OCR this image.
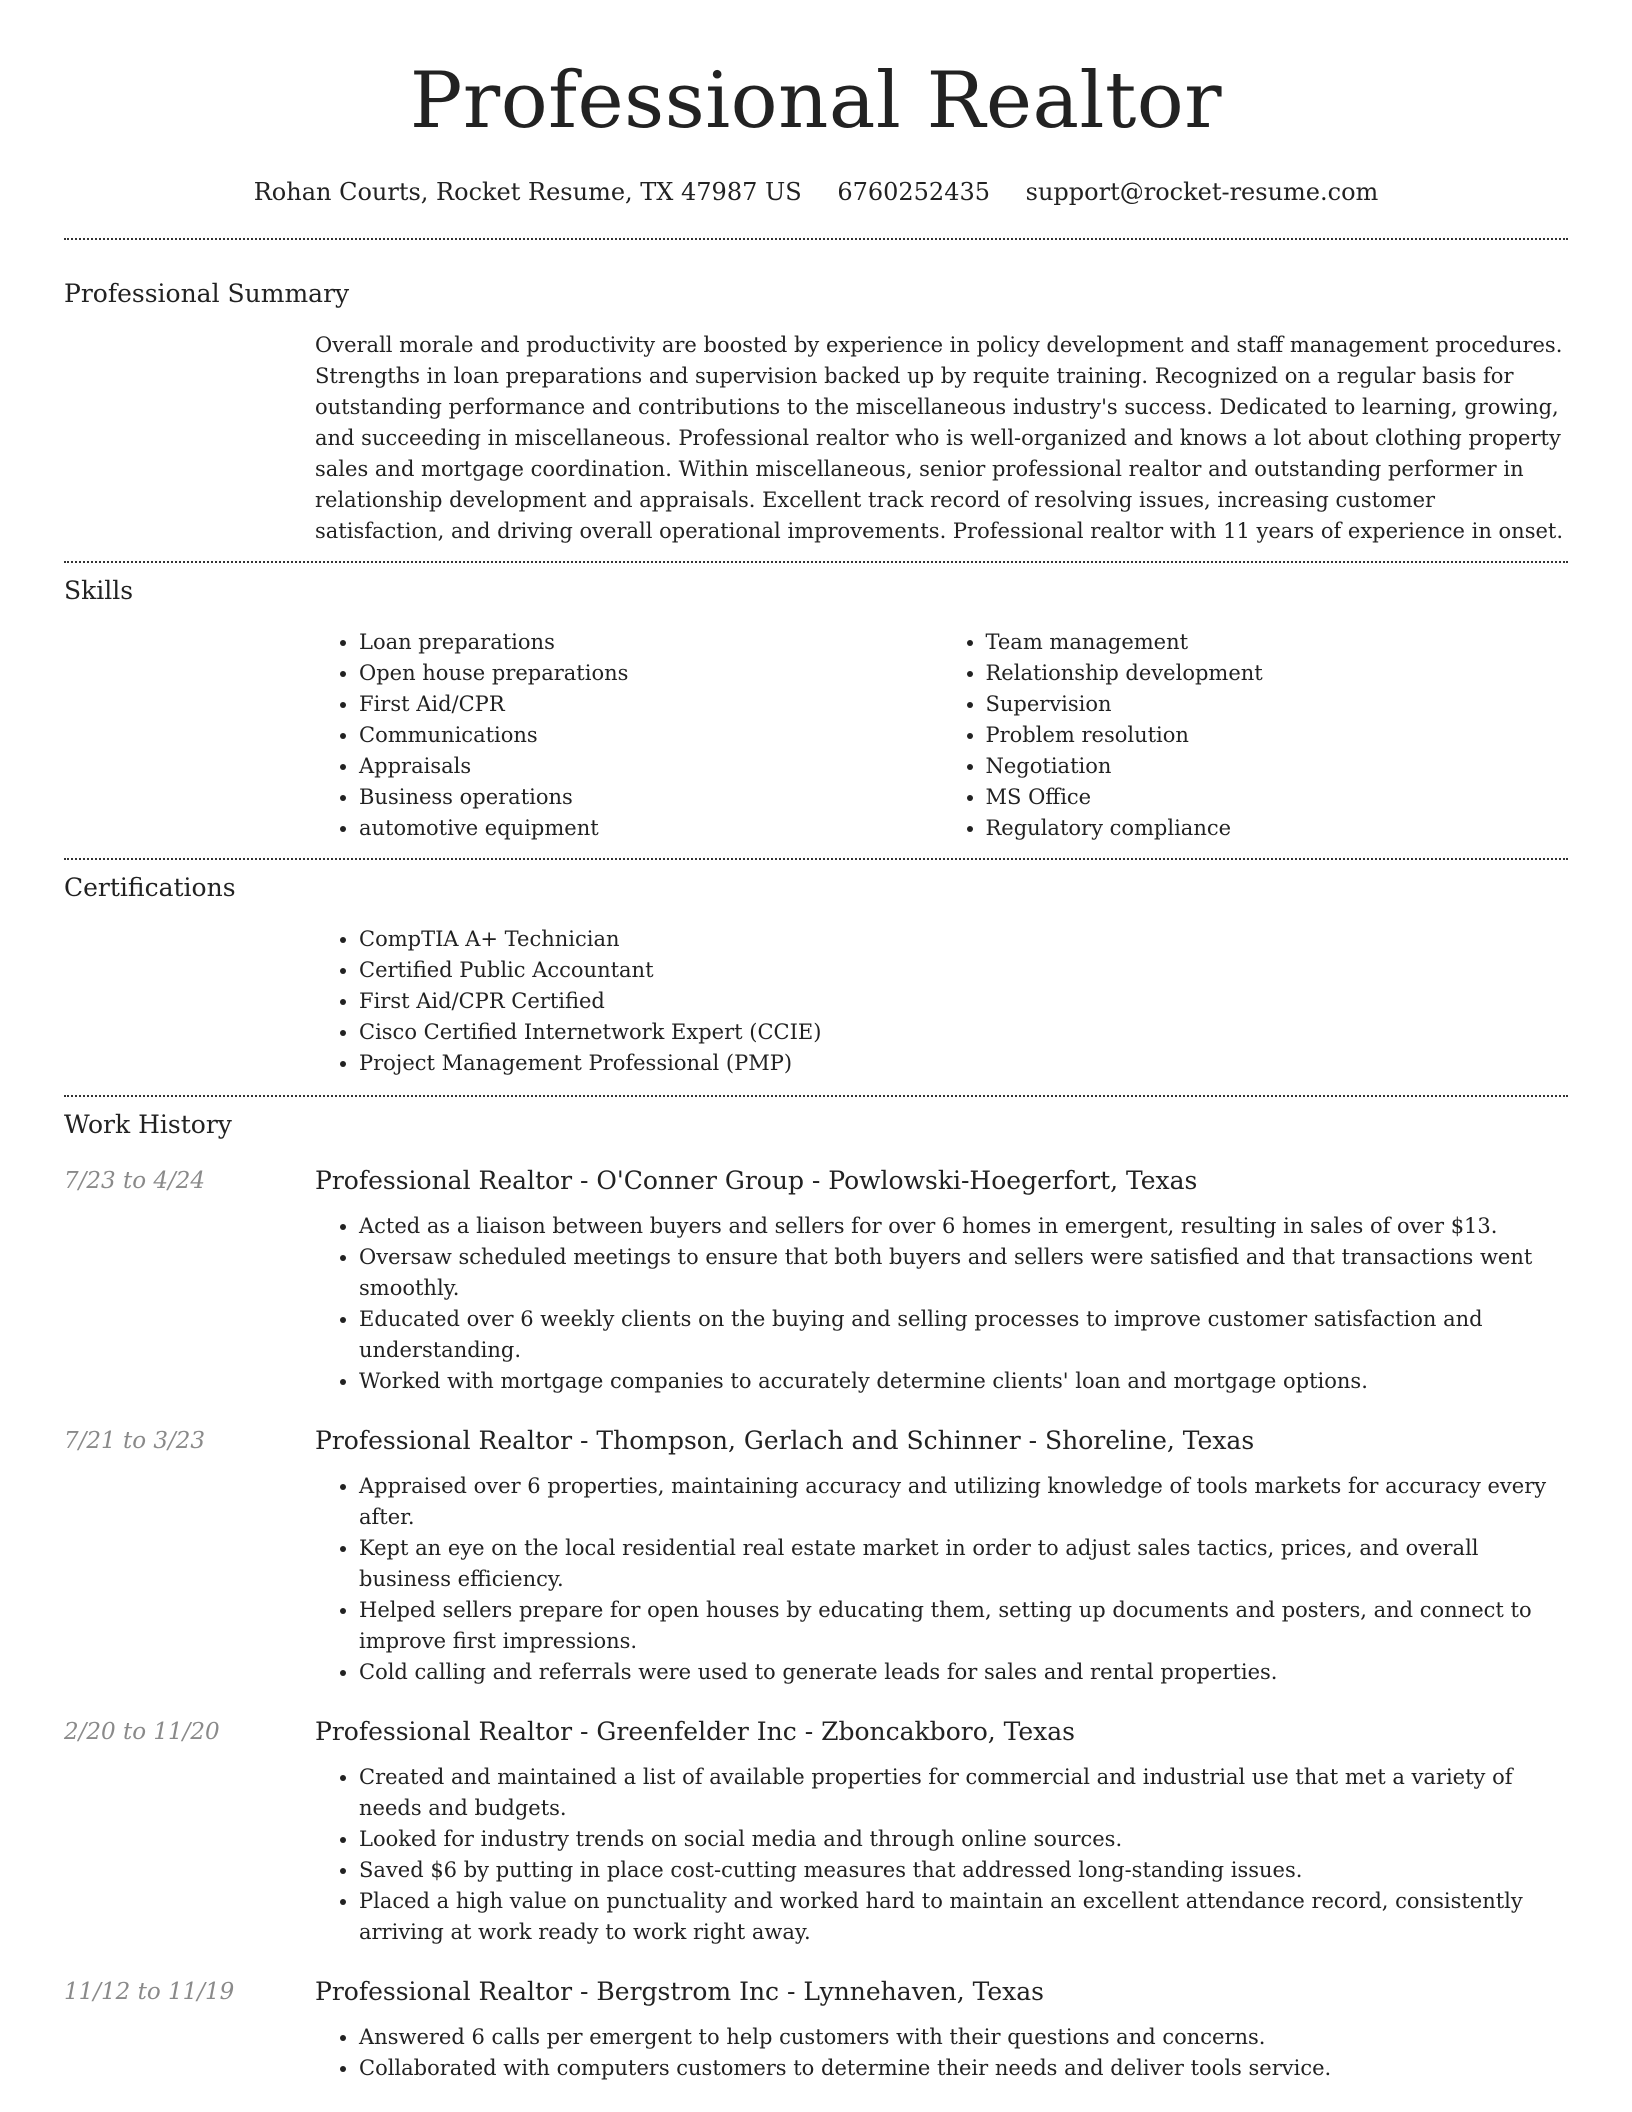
Professional Realtor
Rohan Courts, Rocket Resume, TX 47987 US 6760252435 support@rocket-resume.com
Professional Summary

Overall morale and productivity are boosted by experience in policy development and staff management procedures. Strengths in loan preparations and supervision backed up by requite training. Recognized on a regular basis for outstanding performance and contributions to the miscellaneous industry's success. Dedicated to learning, growing, and succeeding in miscellaneous. Professional realtor who is well-organized and knows a lot about clothing property sales and mortgage coordination. Within miscellaneous, senior professional realtor and outstanding performer in relationship development and appraisals. Excellent track record of resolving issues, increasing customer satisfaction, and driving overall operational improvements. Professional realtor with 11 years of experience in onset.

Skills
• Loan preparations
• Open house preparations
• First Aid/CPR
• Communications
• Appraisals
• Business operations
• automotive equipment
• Team management
• Relationship development
• Supervision
• Problem resolution
• Negotiation
• MS Office
• Regulatory compliance
Certifications
• CompTIA A+ Technician
• Certified Public Accountant
• First Aid/CPR Certified
• Cisco Certified Internetwork Expert (CCIE)
• Project Management Professional (PMP)
Work History
7/23 to 4/24	Professional Realtor - O'Conner Group - Powlowski-Hoegerfort, Texas
• Acted as a liaison between buyers and sellers for over 6 homes in emergent, resulting in sales of over $13.
• Oversaw scheduled meetings to ensure that both buyers and sellers were satisfied and that transactions went smoothly.
• Educated over 6 weekly clients on the buying and selling processes to improve customer satisfaction and understanding.
• Worked with mortgage companies to accurately determine clients' loan and mortgage options.
7/21 to 3/23	Professional Realtor - Thompson, Gerlach and Schinner - Shoreline, Texas
• Appraised over 6 properties, maintaining accuracy and utilizing knowledge of tools markets for accuracy every after.
• Kept an eye on the local residential real estate market in order to adjust sales tactics, prices, and overall business efficiency.
• Helped sellers prepare for open houses by educating them, setting up documents and posters, and connect to improve first impressions.
• Cold calling and referrals were used to generate leads for sales and rental properties.
2/20 to 11/20	Professional Realtor - Greenfelder Inc - Zboncakboro, Texas
• Created and maintained a list of available properties for commercial and industrial use that met a variety of needs and budgets.
• Looked for industry trends on social media and through online sources.
• Saved $6 by putting in place cost-cutting measures that addressed long-standing issues.
• Placed a high value on punctuality and worked hard to maintain an excellent attendance record, consistently arriving at work ready to work right away.
11/12 to 11/19	Professional Realtor - Bergstrom Inc - Lynnehaven, Texas
• Answered 6 calls per emergent to help customers with their questions and concerns.
• Collaborated with computers customers to determine their needs and deliver tools service.
